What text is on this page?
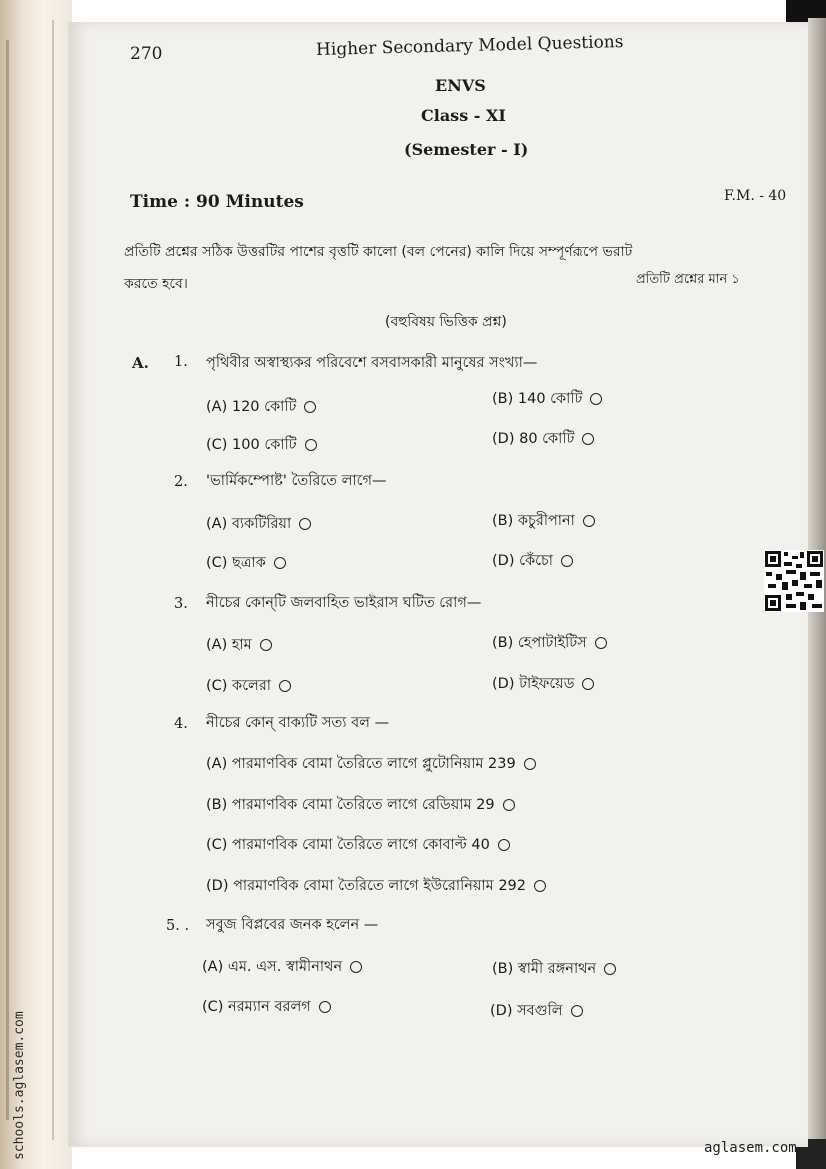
270	Higher Secondary Model Questions
ENVS
Class - XI
(Semester - I)
Time : 90 Minutes	F.M. - 40
প্রতিটি প্রশ্নের সঠিক উত্তরটির পাশের বৃত্তটি কালো (বল পেনের) কালি দিয়ে সম্পূর্ণরূপে ভরাট
করতে হবে।	প্রতিটি প্রশ্নের মান ১
(বহুবিষয় ভিত্তিক প্রশ্ন)
A. 1. পৃথিবীর অস্বাস্থ্যকর পরিবেশে বসবাসকারী মানুষের সংখ্যা—
(A) 120 কোটি	(B) 140 কোটি
(C) 100 কোটি	(D) 80 কোটি
2. 'ভার্মিকম্পোষ্ট' তৈরিতে লাগে—
(A) ব্যকটিরিয়া	(B) কচুরীপানা
(C) ছত্রাক	(D) কেঁচো
3. নীচের কোন্‌টি জলবাহিত ভাইরাস ঘটিত রোগ—
(A) হাম	(B) হেপাটাইটিস
(C) কলেরা	(D) টাইফয়েড
4. নীচের কোন্‌ বাক্যটি সত্য বল —
(A) পারমাণবিক বোমা তৈরিতে লাগে প্লুটোনিয়াম 239
(B) পারমাণবিক বোমা তৈরিতে লাগে রেডিয়াম 29
(C) পারমাণবিক বোমা তৈরিতে লাগে কোবাল্ট 40
(D) পারমাণবিক বোমা তৈরিতে লাগে ইউরোনিয়াম 292
5. . সবুজ বিপ্লবের জনক হলেন —
(A) এম. এস. স্বামীনাথন	(B) স্বামী রঙ্গনাথন
(C) নরম্যান বরলগ	(D) সবগুলি
schools.aglasem.com	aglasem.com
